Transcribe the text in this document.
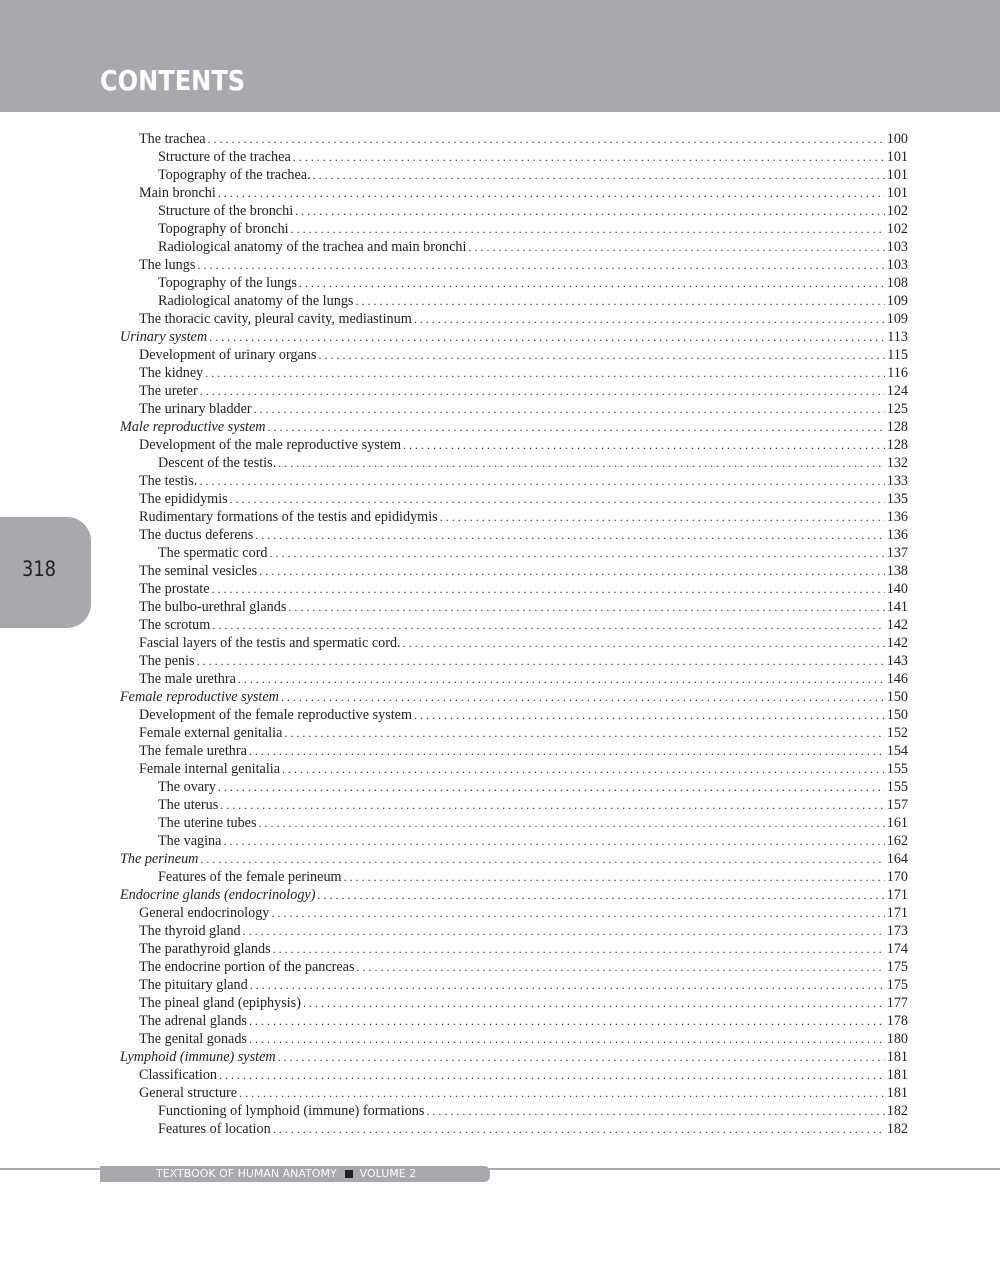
CONTENTS
318
The trachea . . .	100
Structure of the trachea . . .	101
Topography of the trachea. . . .	101
Main bronchi . . .	101
Structure of the bronchi . . .	102
Topography of bronchi . . .	102
Radiological anatomy of the trachea and main bronchi . . .	103
The lungs . . .	103
Topography of the lungs . . .	108
Radiological anatomy of the lungs . . .	109
The thoracic cavity, pleural cavity, mediastinum . . .	109
Urinary system . . .	113
Development of urinary organs . . .	115
The kidney . . .	116
The ureter . . .	124
The urinary bladder . . .	125
Male reproductive system . . .	128
Development of the male reproductive system . . .	128
Descent of the testis. . . .	132
The testis. . . .	133
The epididymis . . .	135
Rudimentary formations of the testis and epididymis . . .	136
The ductus deferens . . .	136
The spermatic cord . . .	137
The seminal vesicles . . .	138
The prostate . . .	140
The bulbo-urethral glands . . .	141
The scrotum . . .	142
Fascial layers of the testis and spermatic cord. . . .	142
The penis . . .	143
The male urethra . . .	146
Female reproductive system . . .	150
Development of the female reproductive system . . .	150
Female external genitalia . . .	152
The female urethra . . .	154
Female internal genitalia . . .	155
The ovary . . .	155
The uterus . . .	157
The uterine tubes . . .	161
The vagina . . .	162
The perineum . . .	164
Features of the female perineum . . .	170
Endocrine glands (endocrinology) . . .	171
General endocrinology . . .	171
The thyroid gland . . .	173
The parathyroid glands . . .	174
The endocrine portion of the pancreas . . .	175
The pituitary gland . . .	175
The pineal gland (epiphysis) . . .	177
The adrenal glands . . .	178
The genital gonads . . .	180
Lymphoid (immune) system . . .	181
Classification . . .	181
General structure . . .	181
Functioning of lymphoid (immune) formations . . .	182
Features of location . . .	182
TEXTBOOK OF HUMAN ANATOMY VOLUME 2
